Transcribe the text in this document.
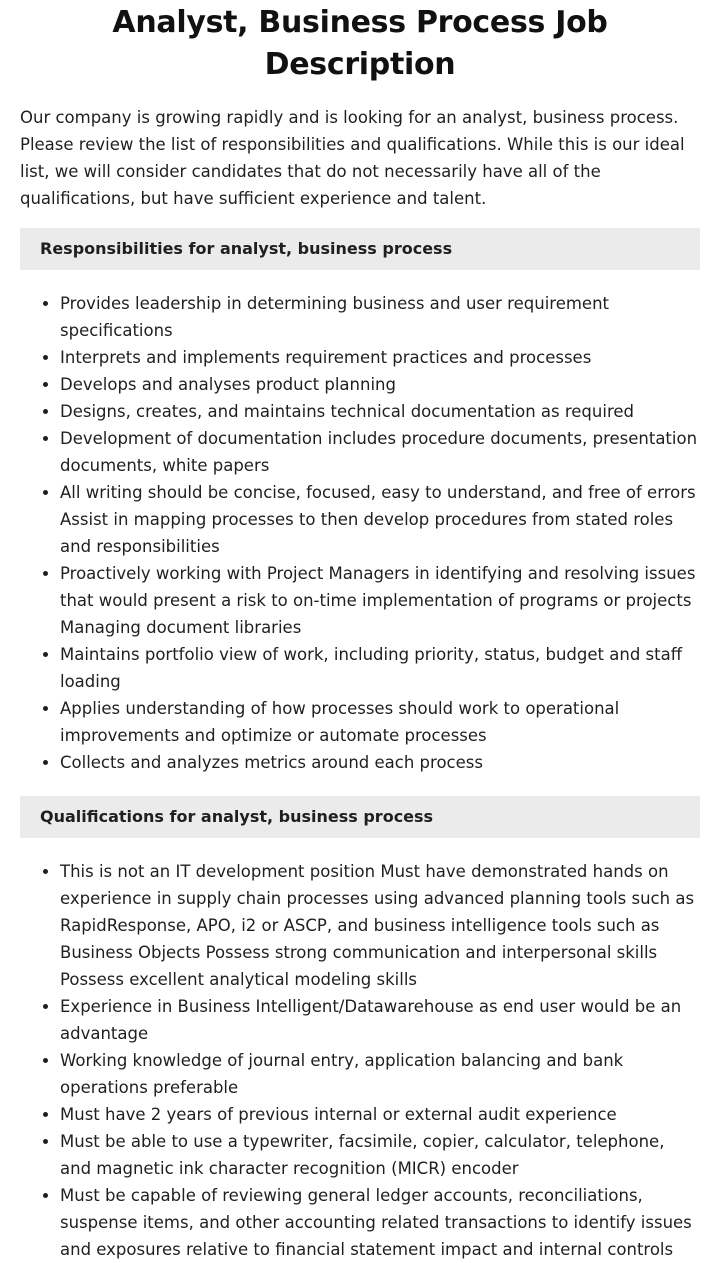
Analyst, Business Process Job Description

Our company is growing rapidly and is looking for an analyst, business process. Please review the list of responsibilities and qualifications. While this is our ideal list, we will consider candidates that do not necessarily have all of the qualifications, but have sufficient experience and talent.

Responsibilities for analyst, business process
• Provides leadership in determining business and user requirement specifications
• Interprets and implements requirement practices and processes
• Develops and analyses product planning
• Designs, creates, and maintains technical documentation as required
• Development of documentation includes procedure documents, presentation documents, white papers
• All writing should be concise, focused, easy to understand, and free of errors Assist in mapping processes to then develop procedures from stated roles and responsibilities
• Proactively working with Project Managers in identifying and resolving issues that would present a risk to on-time implementation of programs or projects Managing document libraries
• Maintains portfolio view of work, including priority, status, budget and staff loading
• Applies understanding of how processes should work to operational improvements and optimize or automate processes
• Collects and analyzes metrics around each process
Qualifications for analyst, business process
• This is not an IT development position Must have demonstrated hands on experience in supply chain processes using advanced planning tools such as RapidResponse, APO, i2 or ASCP, and business intelligence tools such as Business Objects Possess strong communication and interpersonal skills Possess excellent analytical modeling skills
• Experience in Business Intelligent/Datawarehouse as end user would be an advantage
• Working knowledge of journal entry, application balancing and bank operations preferable
• Must have 2 years of previous internal or external audit experience
• Must be able to use a typewriter, facsimile, copier, calculator, telephone, and magnetic ink character recognition (MICR) encoder
• Must be capable of reviewing general ledger accounts, reconciliations, suspense items, and other accounting related transactions to identify issues and exposures relative to financial statement impact and internal controls
